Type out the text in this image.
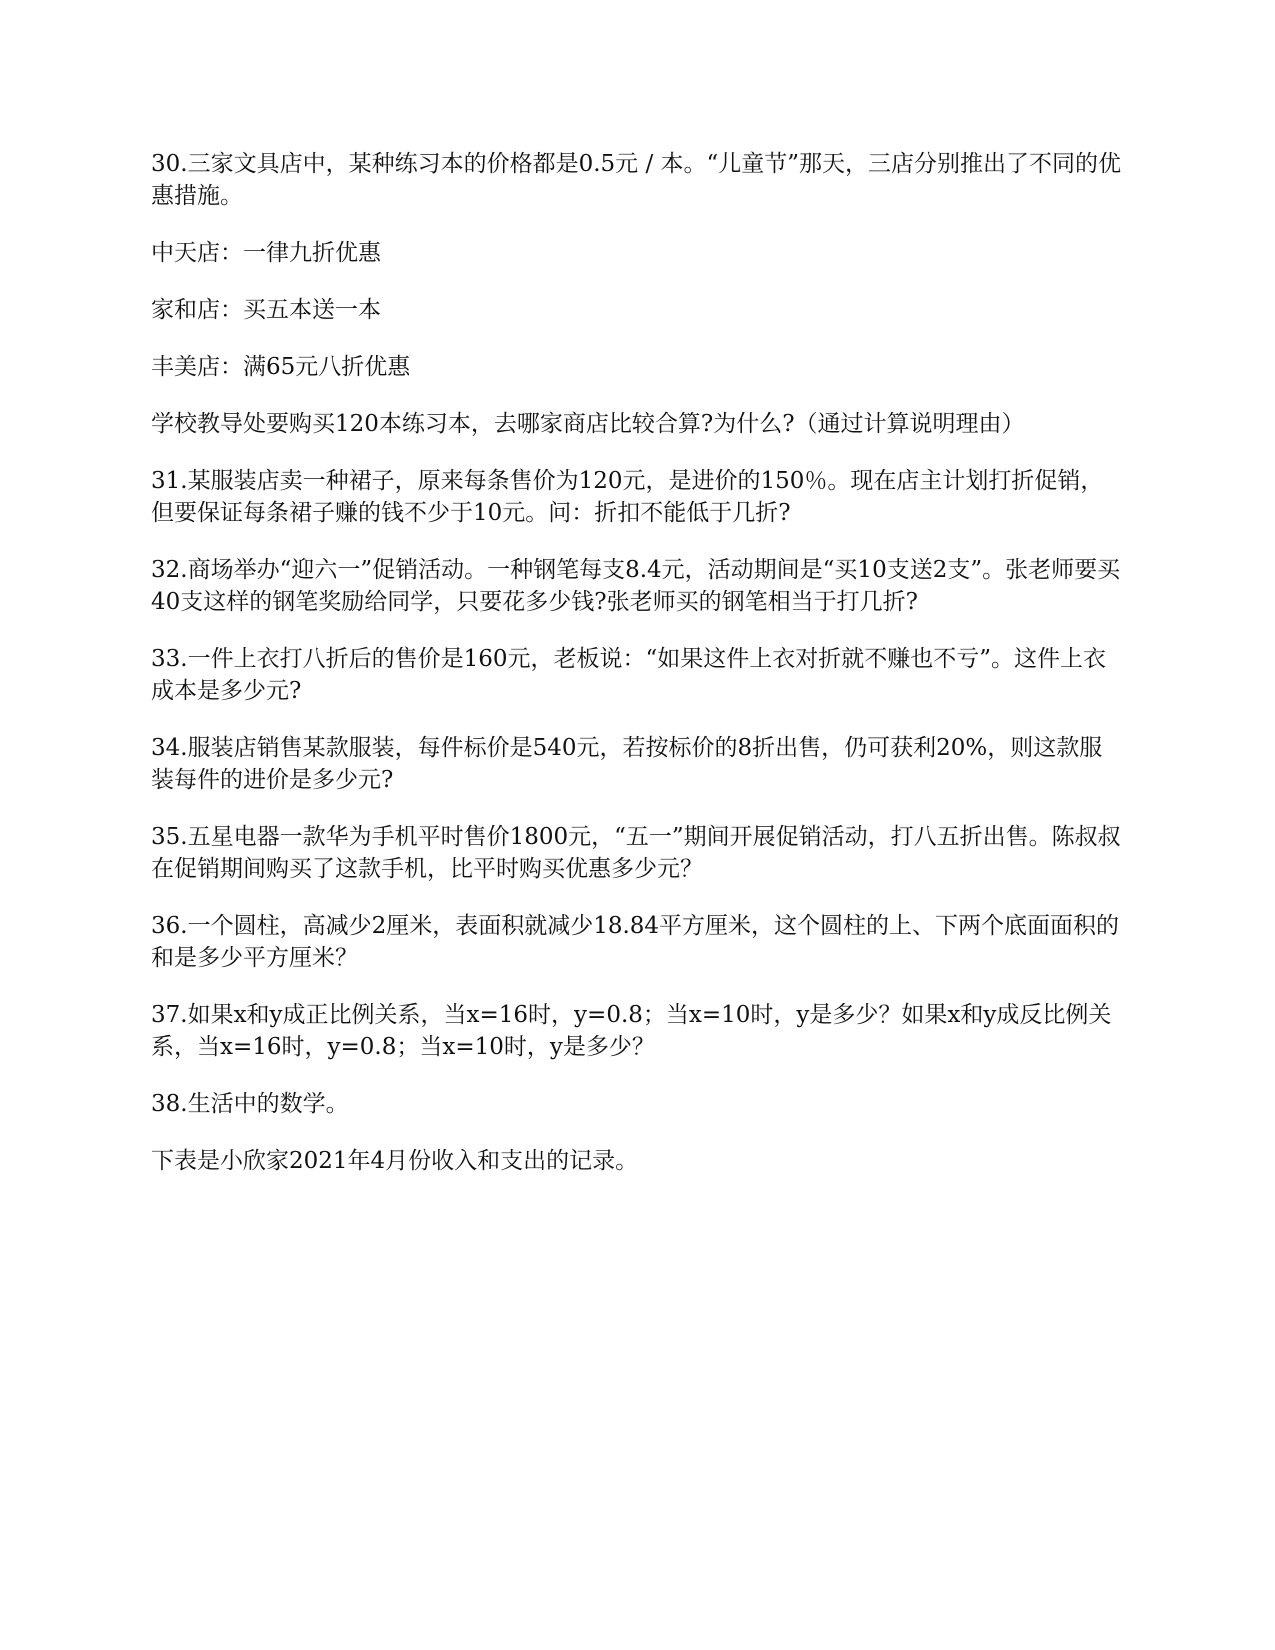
30.三家文具店中，某种练习本的价格都是0.5元 / 本。“儿童节”那天，三店分别推出了不同的优惠措施。

中天店：一律九折优惠

家和店：买五本送一本

丰美店：满65元八折优惠

学校教导处要购买120本练习本，去哪家商店比较合算?为什么?（通过计算说明理由）

31.某服装店卖一种裙子，原来每条售价为120元，是进价的150％。现在店主计划打折促销，但要保证每条裙子赚的钱不少于10元。问：折扣不能低于几折?

32.商场举办“迎六一”促销活动。一种钢笔每支8.4元，活动期间是“买10支送2支”。张老师要买40支这样的钢笔奖励给同学，只要花多少钱?张老师买的钢笔相当于打几折?

33.一件上衣打八折后的售价是160元，老板说：“如果这件上衣对折就不赚也不亏”。这件上衣成本是多少元?

34.服装店销售某款服装，每件标价是540元，若按标价的8折出售，仍可获利20%，则这款服装每件的进价是多少元?

35.五星电器一款华为手机平时售价1800元，“五一”期间开展促销活动，打八五折出售。陈叔叔在促销期间购买了这款手机，比平时购买优惠多少元？

36.一个圆柱，高减少2厘米，表面积就减少18.84平方厘米，这个圆柱的上、下两个底面面积的和是多少平方厘米？

37.如果x和y成正比例关系，当x=16时，y=0.8；当x=10时，y是多少？如果x和y成反比例关系，当x=16时，y=0.8；当x=10时，y是多少？

38.生活中的数学。

下表是小欣家2021年4月份收入和支出的记录。
